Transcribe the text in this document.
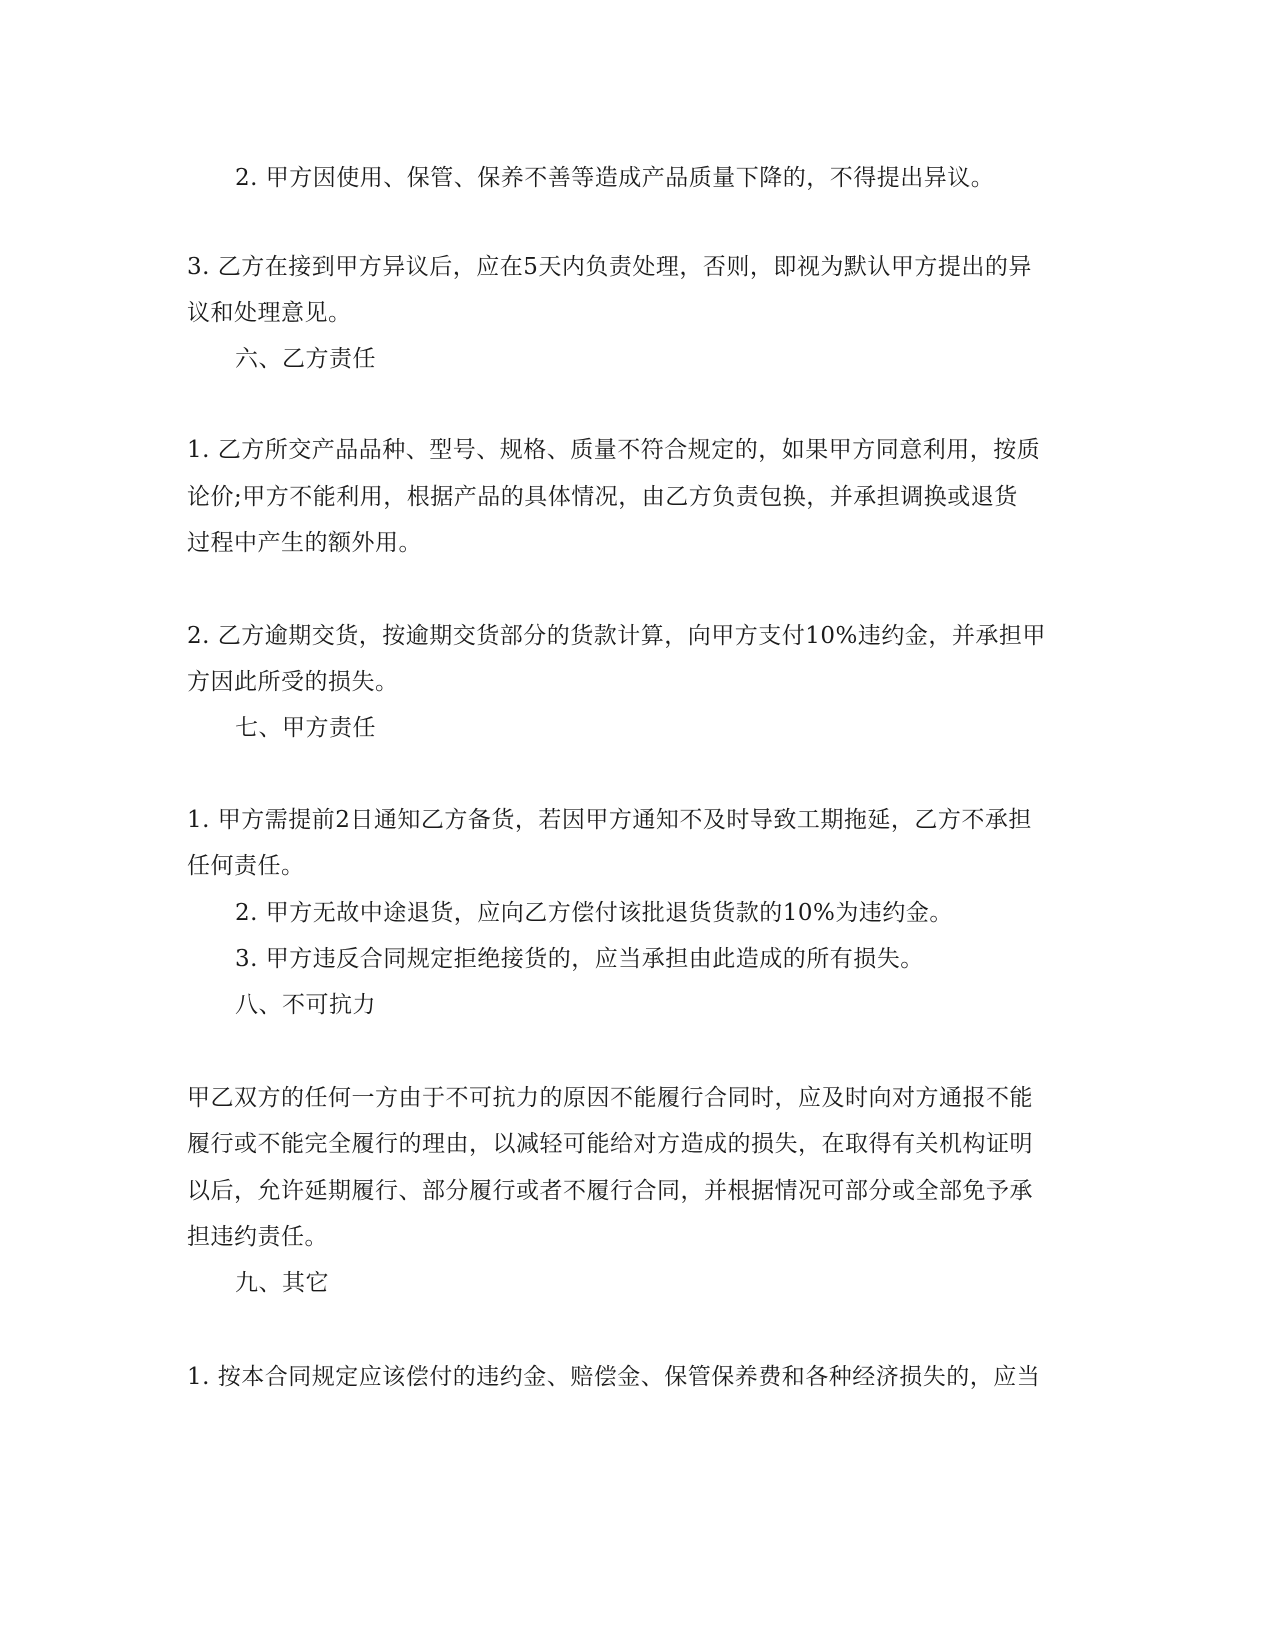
2. 甲方因使用、保管、保养不善等造成产品质量下降的，不得提出异议。
3. 乙方在接到甲方异议后，应在5天内负责处理，否则，即视为默认甲方提出的异
议和处理意见。
六、乙方责任
1. 乙方所交产品品种、型号、规格、质量不符合规定的，如果甲方同意利用，按质
论价;甲方不能利用，根据产品的具体情况，由乙方负责包换，并承担调换或退货
过程中产生的额外用。
2. 乙方逾期交货，按逾期交货部分的货款计算，向甲方支付10%违约金，并承担甲
方因此所受的损失。
七、甲方责任
1. 甲方需提前2日通知乙方备货，若因甲方通知不及时导致工期拖延，乙方不承担
任何责任。
2. 甲方无故中途退货，应向乙方偿付该批退货货款的10%为违约金。
3. 甲方违反合同规定拒绝接货的，应当承担由此造成的所有损失。
八、不可抗力
甲乙双方的任何一方由于不可抗力的原因不能履行合同时，应及时向对方通报不能
履行或不能完全履行的理由，以减轻可能给对方造成的损失，在取得有关机构证明
以后，允许延期履行、部分履行或者不履行合同，并根据情况可部分或全部免予承
担违约责任。
九、其它
1. 按本合同规定应该偿付的违约金、赔偿金、保管保养费和各种经济损失的，应当
